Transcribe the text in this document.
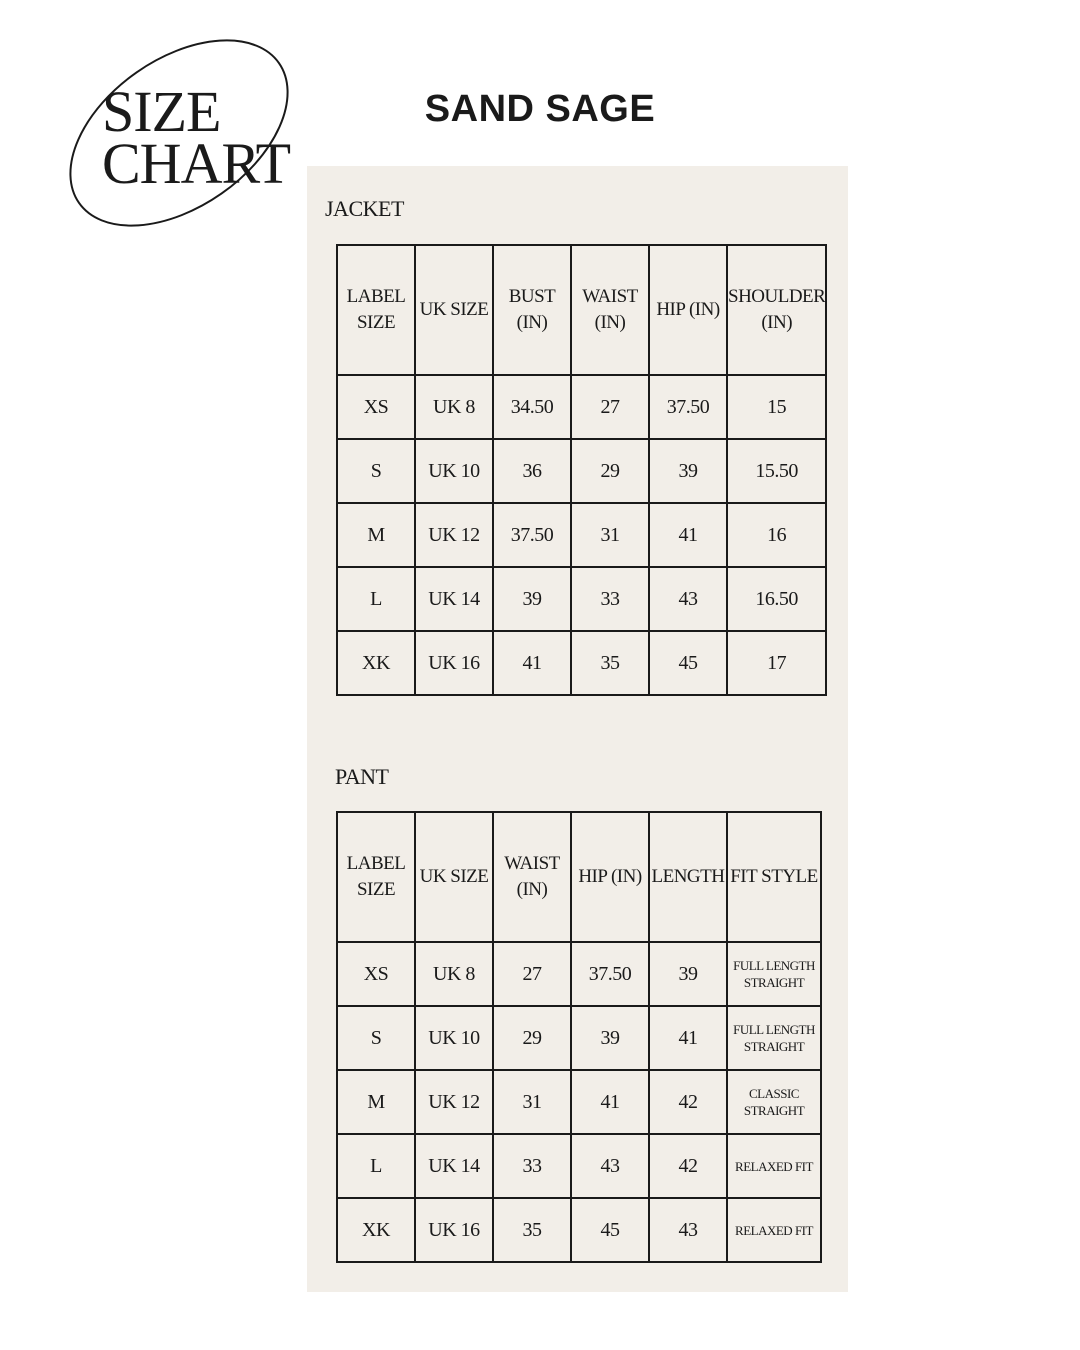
SIZE
CHART
SAND SAGE
JACKET
LABEL SIZE	UK SIZE	BUST (IN)	WAIST (IN)	HIP (IN)	SHOULDER (IN)
XS	UK 8	34.50	27	37.50	15
S	UK 10	36	29	39	15.50
M	UK 12	37.50	31	41	16
L	UK 14	39	33	43	16.50
XK	UK 16	41	35	45	17
PANT
LABEL SIZE	UK SIZE	WAIST (IN)	HIP (IN)	LENGTH	FIT STYLE
XS	UK 8	27	37.50	39	FULL LENGTH STRAIGHT
S	UK 10	29	39	41	FULL LENGTH STRAIGHT
M	UK 12	31	41	42	CLASSIC STRAIGHT
L	UK 14	33	43	42	RELAXED FIT
XK	UK 16	35	45	43	RELAXED FIT
